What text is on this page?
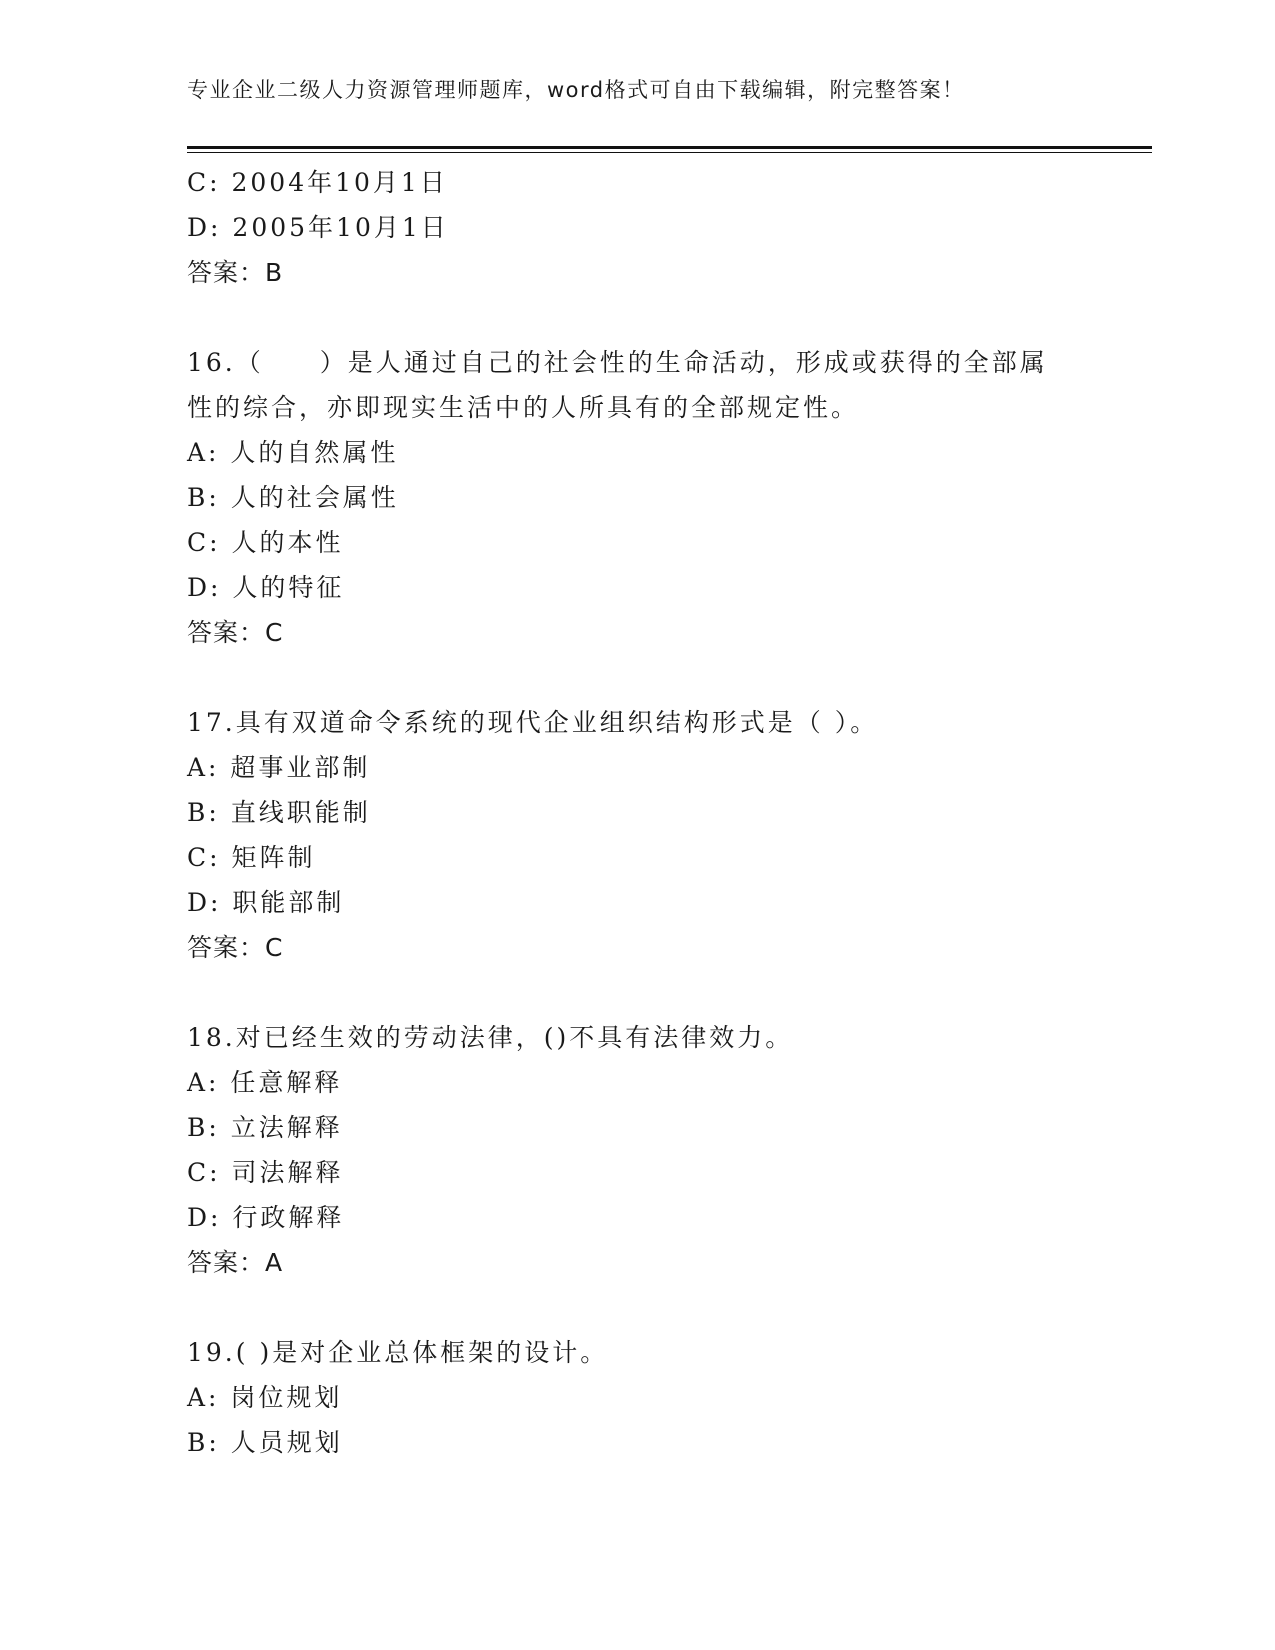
专业企业二级人力资源管理师题库，word格式可自由下载编辑，附完整答案！
C: 2004年10月1日
D: 2005年10月1日
答案：B
16.（　　）是人通过自己的社会性的生命活动，形成或获得的全部属
性的综合，亦即现实生活中的人所具有的全部规定性。
A: 人的自然属性
B: 人的社会属性
C: 人的本性
D: 人的特征
答案：C
17.具有双道命令系统的现代企业组织结构形式是（ ）。
A: 超事业部制
B: 直线职能制
C: 矩阵制
D: 职能部制
答案：C
18.对已经生效的劳动法律，()不具有法律效力。
A: 任意解释
B: 立法解释
C: 司法解释
D: 行政解释
答案：A
19.( )是对企业总体框架的设计。
A: 岗位规划
B: 人员规划
